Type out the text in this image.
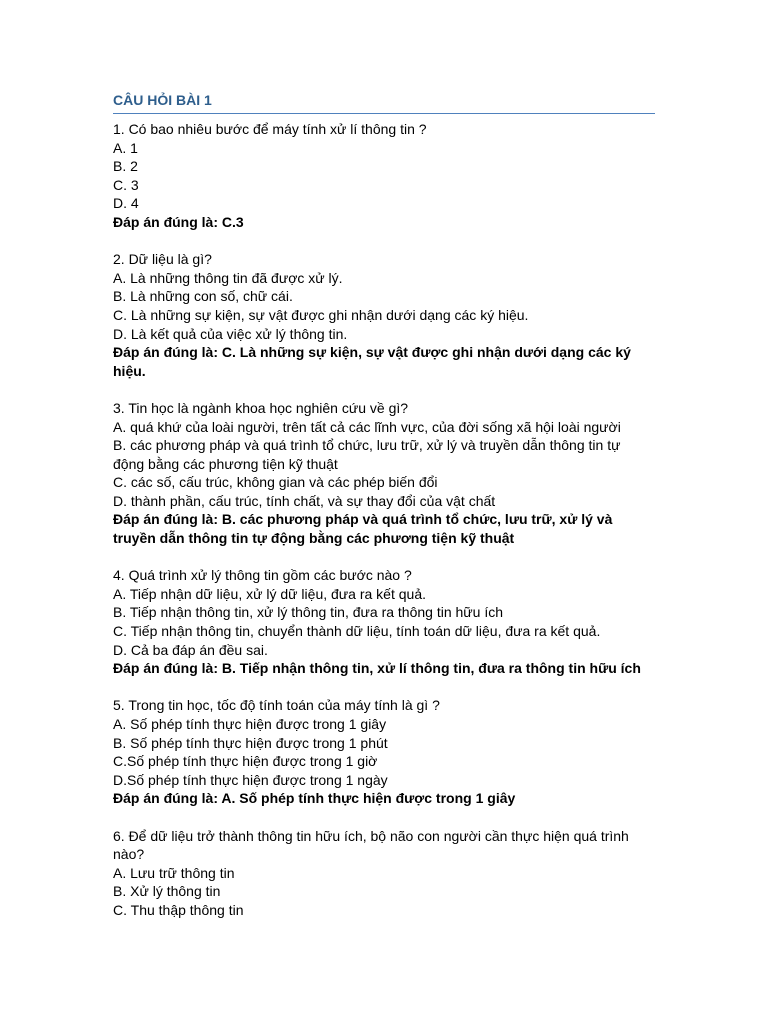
CÂU HỎI BÀI 1
1. Có bao nhiêu bước để máy tính xử lí thông tin ?
A. 1
B. 2
C. 3
D. 4
Đáp án đúng là: C.3
2. Dữ liệu là gì?
A. Là những thông tin đã được xử lý.
B. Là những con số, chữ cái.
C. Là những sự kiện, sự vật được ghi nhận dưới dạng các ký hiệu.
D. Là kết quả của việc xử lý thông tin.
Đáp án đúng là: C. Là những sự kiện, sự vật được ghi nhận dưới dạng các ký hiệu.
3. Tin học là ngành khoa học nghiên cứu về gì?
A. quá khứ của loài người, trên tất cả các lĩnh vực, của đời sống xã hội loài người
B. các phương pháp và quá trình tổ chức, lưu trữ, xử lý và truyền dẫn thông tin tự động bằng các phương tiện kỹ thuật
C. các số, cấu trúc, không gian và các phép biến đổi
D. thành phần, cấu trúc, tính chất, và sự thay đổi của vật chất
Đáp án đúng là: B. các phương pháp và quá trình tổ chức, lưu trữ, xử lý và truyền dẫn thông tin tự động bằng các phương tiện kỹ thuật
4. Quá trình xử lý thông tin gồm các bước nào ?
A. Tiếp nhận dữ liệu, xử lý dữ liệu, đưa ra kết quả.
B. Tiếp nhận thông tin, xử lý thông tin, đưa ra thông tin hữu ích
C. Tiếp nhận thông tin, chuyển thành dữ liệu, tính toán dữ liệu, đưa ra kết quả.
D. Cả ba đáp án đều sai.
Đáp án đúng là: B. Tiếp nhận thông tin, xử lí thông tin, đưa ra thông tin hữu ích
5. Trong tin học, tốc độ tính toán của máy tính là gì ?
A. Số phép tính thực hiện được trong 1 giây
B. Số phép tính thực hiện được trong 1 phút
C.Số phép tính thực hiện được trong 1 giờ
D.Số phép tính thực hiện được trong 1 ngày
Đáp án đúng là: A. Số phép tính thực hiện được trong 1 giây
6. Để dữ liệu trở thành thông tin hữu ích, bộ não con người cần thực hiện quá trình nào?
A. Lưu trữ thông tin
B. Xử lý thông tin
C. Thu thập thông tin
